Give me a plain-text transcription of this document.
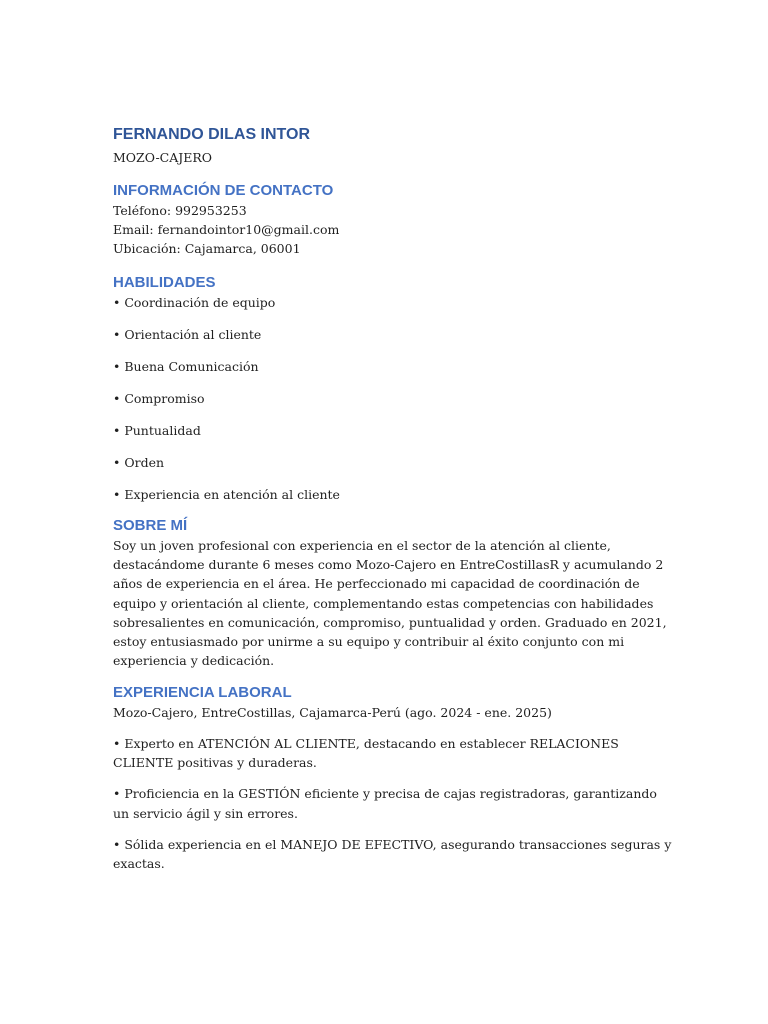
FERNANDO DILAS INTOR

MOZO-CAJERO

INFORMACIÓN DE CONTACTO

Teléfono: 992953253

Email: fernandointor10@gmail.com

Ubicación: Cajamarca, 06001

HABILIDADES
• Coordinación de equipo
• Orientación al cliente
• Buena Comunicación
• Compromiso
• Puntualidad
• Orden
• Experiencia en atención al cliente
SOBRE MÍ

Soy un joven profesional con experiencia en el sector de la atención al cliente, destacándome durante 6 meses como Mozo-Cajero en EntreCostillasR y acumulando 2 años de experiencia en el área. He perfeccionado mi capacidad de coordinación de equipo y orientación al cliente, complementando estas competencias con habilidades sobresalientes en comunicación, compromiso, puntualidad y orden. Graduado en 2021, estoy entusiasmado por unirme a su equipo y contribuir al éxito conjunto con mi experiencia y dedicación.

EXPERIENCIA LABORAL

Mozo-Cajero, EntreCostillas, Cajamarca-Perú (ago. 2024 - ene. 2025)

• Experto en ATENCIÓN AL CLIENTE, destacando en establecer RELACIONES CLIENTE positivas y duraderas.
• Proficiencia en la GESTIÓN eficiente y precisa de cajas registradoras, garantizando un servicio ágil y sin errores.
• Sólida experiencia en el MANEJO DE EFECTIVO, asegurando transacciones seguras y exactas.
